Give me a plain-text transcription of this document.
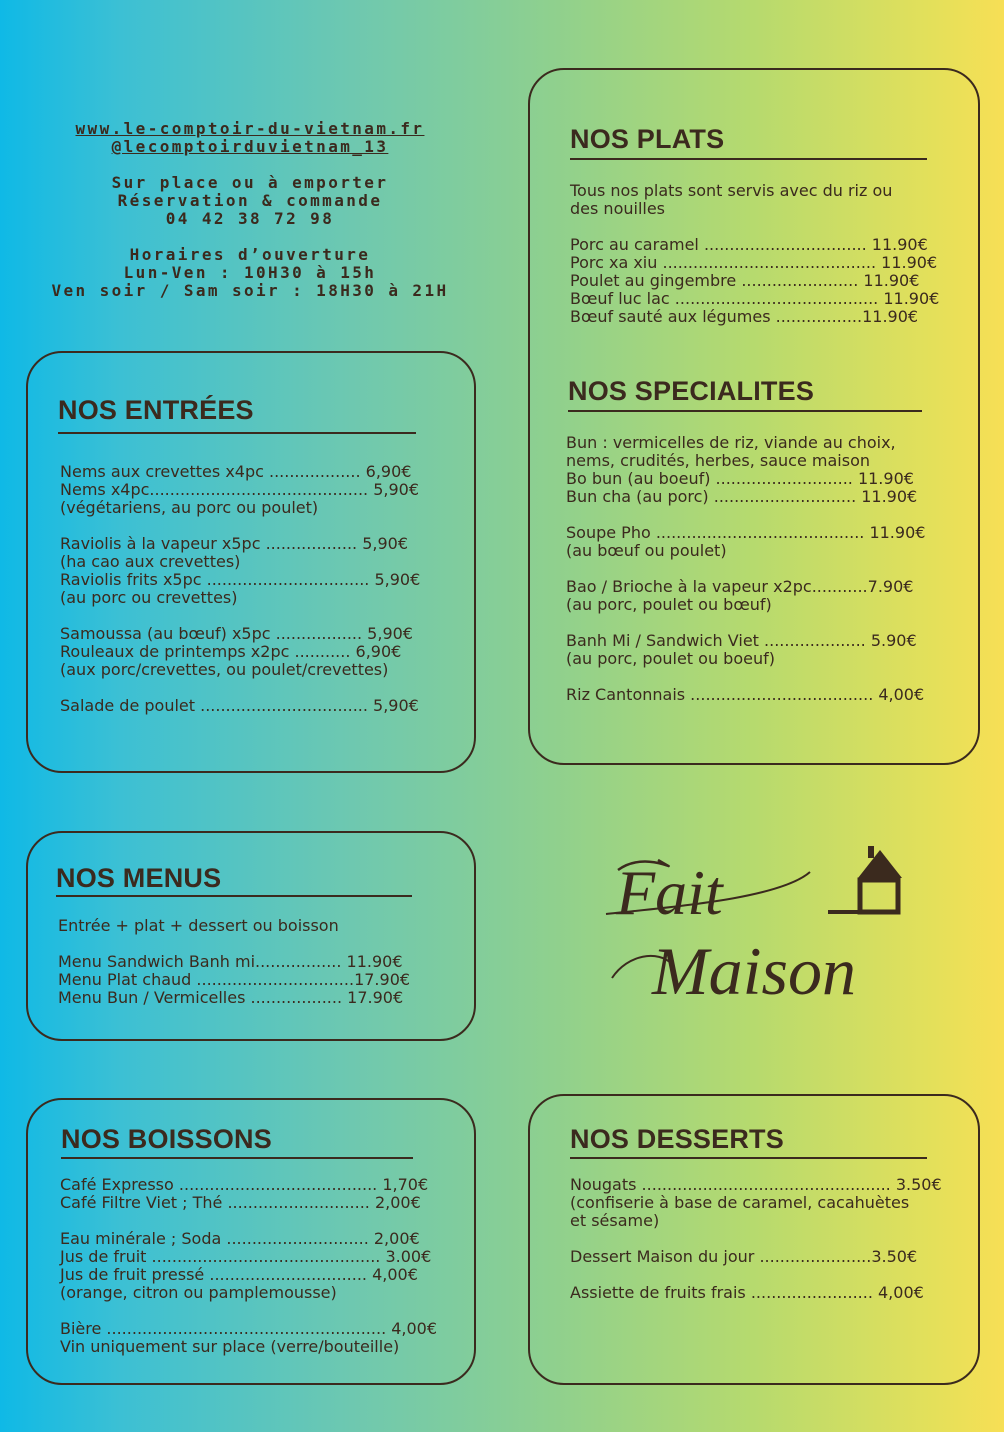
www.le-comptoir-du-vietnam.fr
@lecomptoirduvietnam_13
Sur place ou à emporter
Réservation & commande
04 42 38 72 98
Horaires d’ouverture
Lun-Ven : 10H30 à 15h
Ven soir / Sam soir : 18H30 à 21H
NOS ENTRÉES
Nems aux crevettes x4pc .................. 6,90€
Nems x4pc........................................... 5,90€
(végétariens, au porc ou poulet)
Raviolis à la vapeur x5pc .................. 5,90€
(ha cao aux crevettes)
Raviolis frits x5pc ................................ 5,90€
(au porc ou crevettes)
Samoussa (au bœuf) x5pc ................. 5,90€
Rouleaux de printemps x2pc ........... 6,90€
(aux porc/crevettes, ou poulet/crevettes)
Salade de poulet ................................. 5,90€
NOS MENUS
Entrée + plat + dessert ou boisson
Menu Sandwich Banh mi................. 11.90€
Menu Plat chaud ...............................17.90€
Menu Bun / Vermicelles .................. 17.90€
NOS BOISSONS
Café Expresso ....................................... 1,70€
Café Filtre Viet ; Thé ............................ 2,00€
Eau minérale ; Soda ............................ 2,00€
Jus de fruit ............................................. 3.00€
Jus de fruit pressé ............................... 4,00€
(orange, citron ou pamplemousse)
Bière ....................................................... 4,00€
Vin uniquement sur place (verre/bouteille)
NOS PLATS
Tous nos plats sont servis avec du riz ou
des nouilles
Porc au caramel ................................ 11.90€
Porc xa xiu .......................................... 11.90€
Poulet au gingembre ....................... 11.90€
Bœuf luc lac ........................................ 11.90€
Bœuf sauté aux légumes .................11.90€
NOS SPECIALITES
Bun : vermicelles de riz, viande au choix,
nems, crudités, herbes, sauce maison
Bo bun (au boeuf) ........................... 11.90€
Bun cha (au porc) ............................ 11.90€
Soupe Pho ......................................... 11.90€
(au bœuf ou poulet)
Bao / Brioche à la vapeur x2pc...........7.90€
(au porc, poulet ou bœuf)
Banh Mi / Sandwich Viet .................... 5.90€
(au porc, poulet ou boeuf)
Riz Cantonnais .................................... 4,00€
Fait
Maison
NOS DESSERTS
Nougats ................................................. 3.50€
(confiserie à base de caramel, cacahuètes
et sésame)
Dessert Maison du jour ......................3.50€
Assiette de fruits frais ........................ 4,00€
